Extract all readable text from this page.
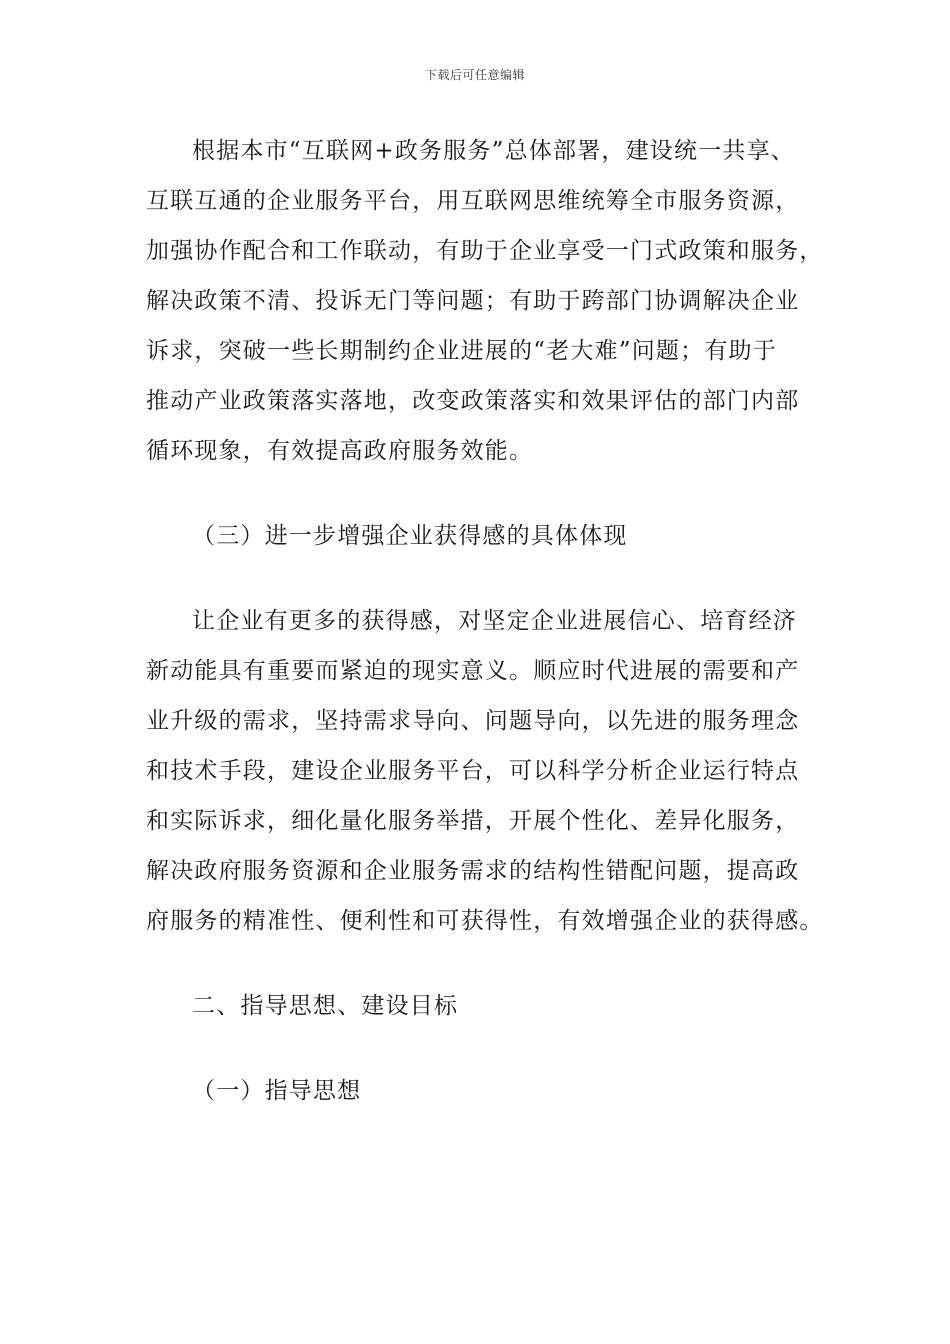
下载后可任意编辑
根据本市“互联网+政务服务”总体部署，建设统一共享、
互联互通的企业服务平台，用互联网思维统筹全市服务资源，
加强协作配合和工作联动，有助于企业享受一门式政策和服务，
解决政策不清、投诉无门等问题；有助于跨部门协调解决企业
诉求，突破一些长期制约企业进展的“老大难”问题；有助于
推动产业政策落实落地，改变政策落实和效果评估的部门内部
循环现象，有效提高政府服务效能。
（三）进一步增强企业获得感的具体体现
让企业有更多的获得感，对坚定企业进展信心、培育经济
新动能具有重要而紧迫的现实意义。顺应时代进展的需要和产
业升级的需求，坚持需求导向、问题导向，以先进的服务理念
和技术手段，建设企业服务平台，可以科学分析企业运行特点
和实际诉求，细化量化服务举措，开展个性化、差异化服务，
解决政府服务资源和企业服务需求的结构性错配问题，提高政
府服务的精准性、便利性和可获得性，有效增强企业的获得感。
二、指导思想、建设目标
（一）指导思想
